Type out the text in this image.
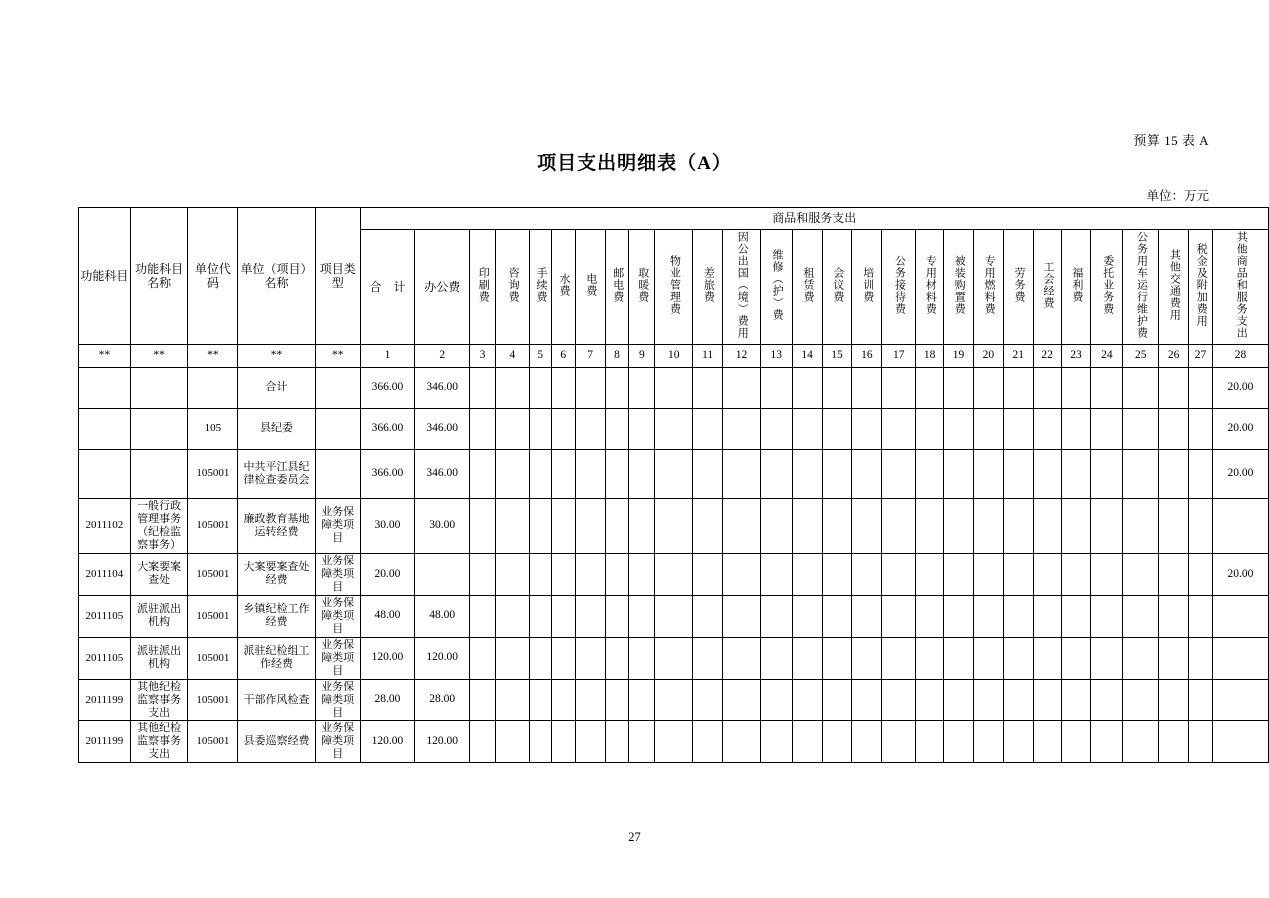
预算 15 表 A
项目支出明细表（A）
单位：万元
功能科目	功能科目名称	单位代码	单位（项目）名称	项目类型	商品和服务支出																											
					合　计	办公费	印刷费	咨询费	手续费	水费	电费	邮电费	取暖费	物业管理费	差旅费	因公出国（境）费用	维修（护）费	租赁费	会议费	培训费	公务接待费	专用材料费	被装购置费	专用燃料费	劳务费	工会经费	福利费	委托业务费	公务用车运行维护费	其他交通费用	税金及附加费用	其他商品和服务支出
**	**	**	**	**	1	2	3	4	5	6	7	8	9	10	11	12	13	14	15	16	17	18	19	20	21	22	23	24	25	26	27	28
			合计		366.00	346.00																										20.00
		105	县纪委		366.00	346.00																										20.00
		105001	中共平江县纪律检查委员会		366.00	346.00																										20.00
2011102	一般行政管理事务（纪检监察事务）	105001	廉政教育基地运转经费	业务保障类项目	30.00	30.00																										
2011104	大案要案查处	105001	大案要案查处经费	业务保障类项目	20.00																											20.00
2011105	派驻派出机构	105001	乡镇纪检工作经费	业务保障类项目	48.00	48.00																										
2011105	派驻派出机构	105001	派驻纪检组工作经费	业务保障类项目	120.00	120.00																										
2011199	其他纪检监察事务支出	105001	干部作风检查	业务保障类项目	28.00	28.00																										
2011199	其他纪检监察事务支出	105001	县委巡察经费	业务保障类项目	120.00	120.00																										
27
